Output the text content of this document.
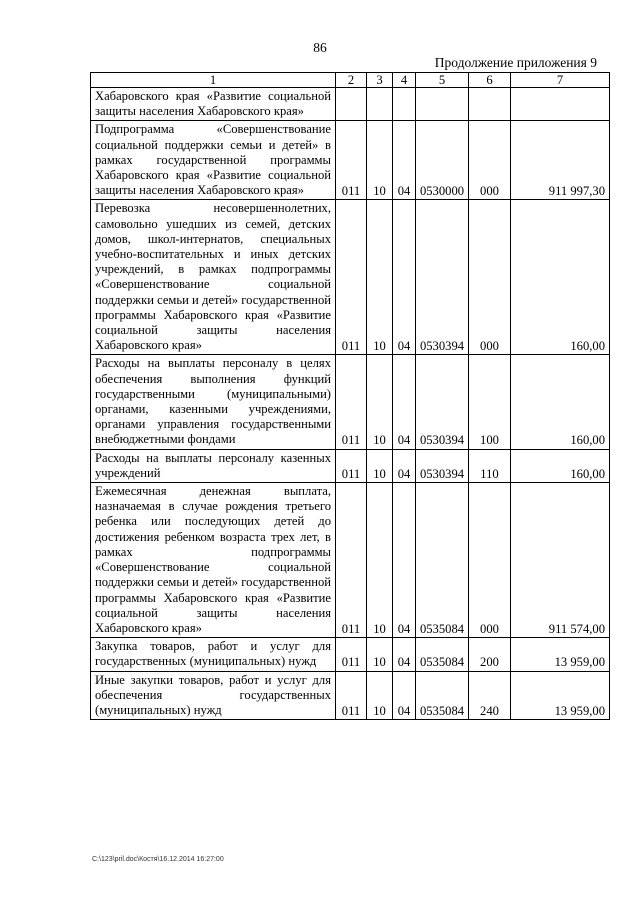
86
Продолжение приложения 9
1	2	3	4	5	6	7
Хабаровского края «Развитие социальной защиты населения Хабаровского края»						
Подпрограмма «Совершенствование социальной поддержки семьи и детей» в рамках государственной программы Хабаровского края «Развитие социальной защиты населения Хабаровского края»	011	10	04	0530000	000	911 997,30
Перевозка несовершеннолетних, самовольно ушедших из семей, детских домов, школ-интернатов, специальных учебно-воспитательных и иных детских учреждений, в рамках подпрограммы «Совершенствование социальной поддержки семьи и детей» государственной программы Хабаровского края «Развитие социальной защиты населения Хабаровского края»	011	10	04	0530394	000	160,00
Расходы на выплаты персоналу в целях обеспечения выполнения функций государственными (муниципальными) органами, казенными учреждениями, органами управления государственными внебюджетными фондами	011	10	04	0530394	100	160,00
Расходы на выплаты персоналу казенных учреждений	011	10	04	0530394	110	160,00
Ежемесячная денежная выплата, назначаемая в случае рождения третьего ребенка или последующих детей до достижения ребенком возраста трех лет, в рамках подпрограммы «Совершенствование социальной поддержки семьи и детей» государственной программы Хабаровского края «Развитие социальной защиты населения Хабаровского края»	011	10	04	0535084	000	911 574,00
Закупка товаров, работ и услуг для государственных (муниципальных) нужд	011	10	04	0535084	200	13 959,00
Иные закупки товаров, работ и услуг для обеспечения государственных (муниципальных) нужд	011	10	04	0535084	240	13 959,00
C:\123\pril.doc\Костя\16.12.2014 16:27:00
